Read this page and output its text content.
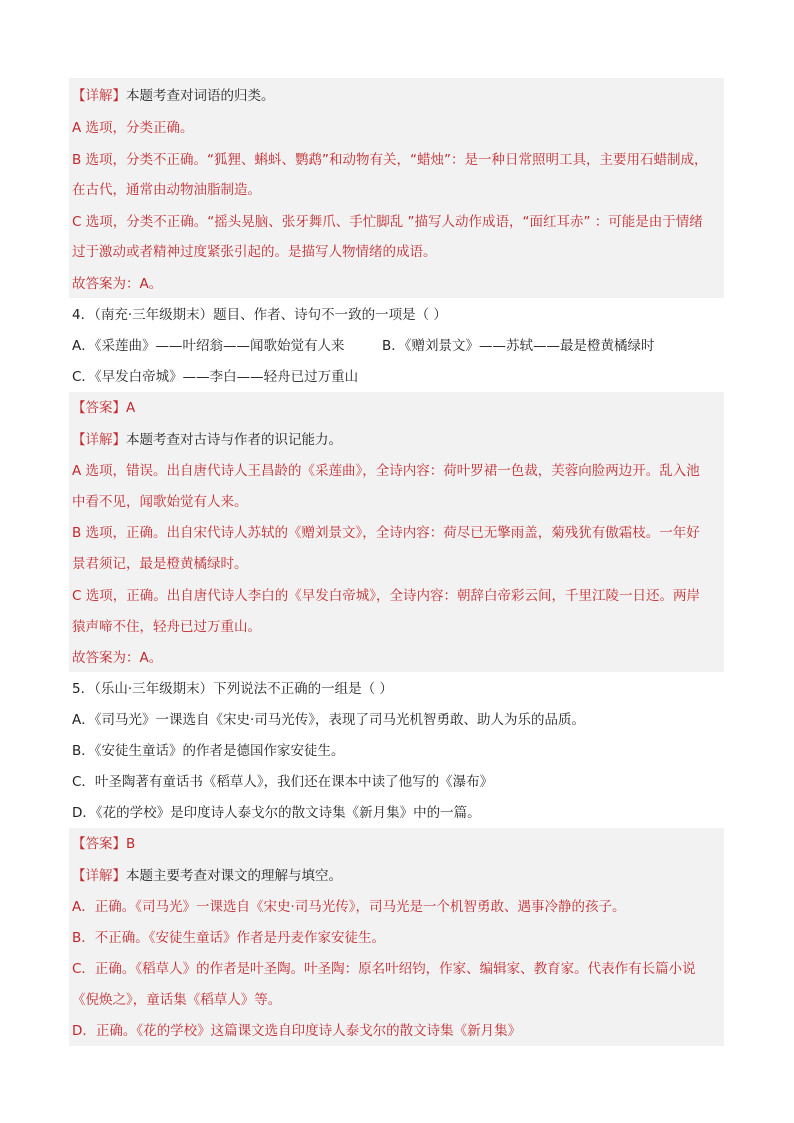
【详解】本题考查对词语的归类。
A 选项，分类正确。
B 选项，分类不正确。“狐狸、蝌蚪、鹦鹉”和动物有关，“蜡烛”：是一种日常照明工具，主要用石蜡制成，
在古代，通常由动物油脂制造。
C 选项，分类不正确。“摇头晃脑、张牙舞爪、手忙脚乱 ”描写人动作成语，“面红耳赤” ：可能是由于情绪
过于激动或者精神过度紧张引起的。是描写人物情绪的成语。
故答案为：A。
4．（南充·三年级期末）题目、作者、诗句不一致的一项是（ ）
A．《采莲曲》——叶绍翁——闻歌始觉有人来	B．《赠刘景文》——苏轼——最是橙黄橘绿时
C．《早发白帝城》——李白——轻舟已过万重山
【答案】A
【详解】本题考查对古诗与作者的识记能力。
A 选项，错误。出自唐代诗人王昌龄的《采莲曲》，全诗内容：荷叶罗裙一色裁，芙蓉向脸两边开。乱入池
中看不见，闻歌始觉有人来。
B 选项，正确。出自宋代诗人苏轼的《赠刘景文》，全诗内容：荷尽已无擎雨盖，菊残犹有傲霜枝。一年好
景君须记，最是橙黄橘绿时。
C 选项，正确。出自唐代诗人李白的《早发白帝城》，全诗内容：朝辞白帝彩云间，千里江陵一日还。两岸
猿声啼不住，轻舟已过万重山。
故答案为：A。
5．（乐山·三年级期末）下列说法不正确的一组是（ ）
A．《司马光》一课选自《宋史·司马光传》，表现了司马光机智勇敢、助人为乐的品质。
B．《安徒生童话》的作者是德国作家安徒生。
C．叶圣陶著有童话书《稻草人》，我们还在课本中读了他写的《瀑布》
D．《花的学校》是印度诗人泰戈尔的散文诗集《新月集》中的一篇。
【答案】B
【详解】本题主要考查对课文的理解与填空。
A．正确。《司马光》一课选自《宋史·司马光传》，司马光是一个机智勇敢、遇事冷静的孩子。
B．不正确。《安徒生童话》作者是丹麦作家安徒生。
C．正确。《稻草人》的作者是叶圣陶。叶圣陶：原名叶绍钧，作家、编辑家、教育家。代表作有长篇小说
《倪焕之》，童话集《稻草人》等。
D．正确。《花的学校》这篇课文选自印度诗人泰戈尔的散文诗集《新月集》
